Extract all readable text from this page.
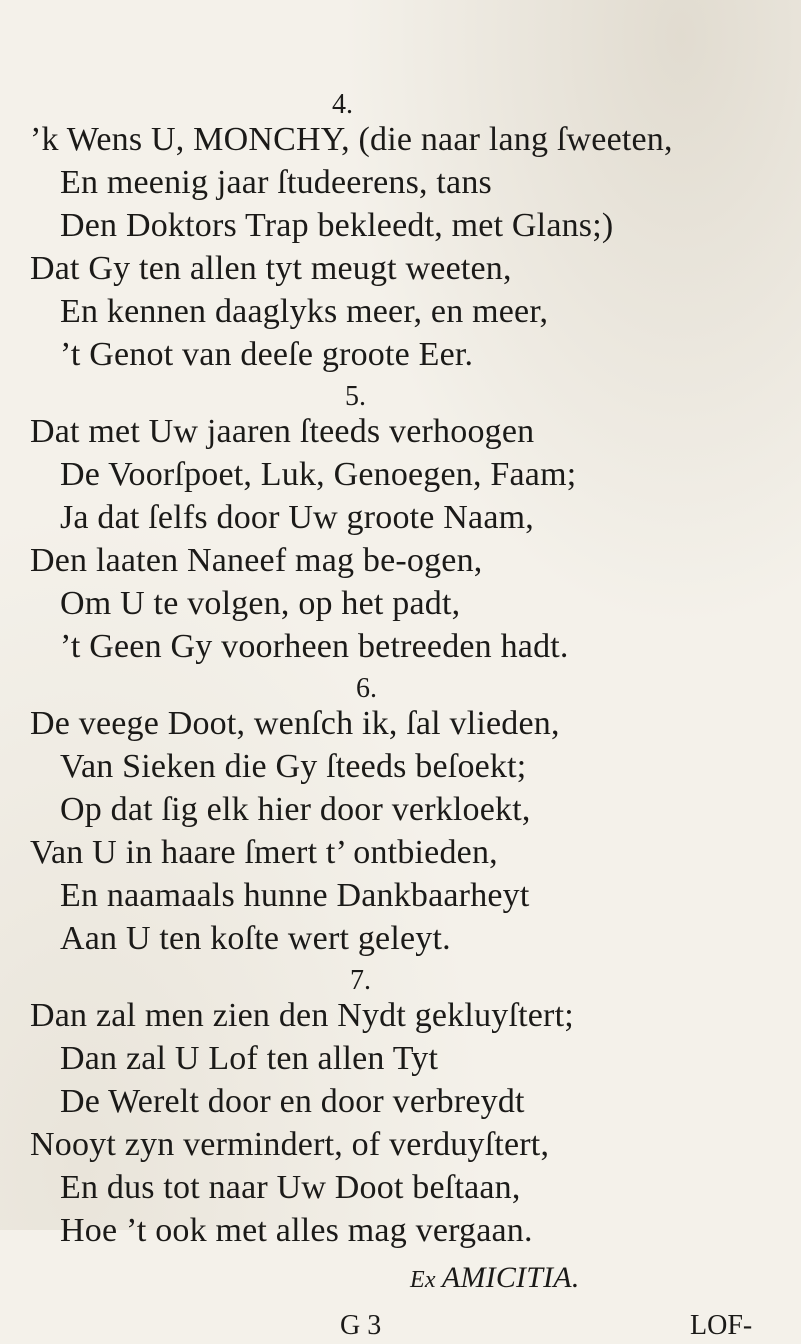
4.
’k Wens U, MONCHY, (die naar lang ſweeten,
En meenig jaar ſtudeerens, tans
Den Doktors Trap bekleedt, met Glans;)
Dat Gy ten allen tyt meugt weeten,
En kennen daaglyks meer, en meer,
’t Genot van deeſe groote Eer.
5.
Dat met Uw jaaren ſteeds verhoogen
De Voorſpoet, Luk, Genoegen, Faam;
Ja dat ſelfs door Uw groote Naam,
Den laaten Naneef mag be-ogen,
Om U te volgen, op het padt,
’t Geen Gy voorheen betreeden hadt.
6.
De veege Doot, wenſch ik, ſal vlieden,
Van Sieken die Gy ſteeds beſoekt;
Op dat ſig elk hier door verkloekt,
Van U in haare ſmert t’ ontbieden,
En naamaals hunne Dankbaarheyt
Aan U ten koſte wert geleyt.
7.
Dan zal men zien den Nydt gekluyſtert;
Dan zal U Lof ten allen Tyt
De Werelt door en door verbreydt
Nooyt zyn vermindert, of verduyſtert,
En dus tot naar Uw Doot beſtaan,
Hoe ’t ook met alles mag vergaan.
Ex AMICITIA.
G 3	LOF-
